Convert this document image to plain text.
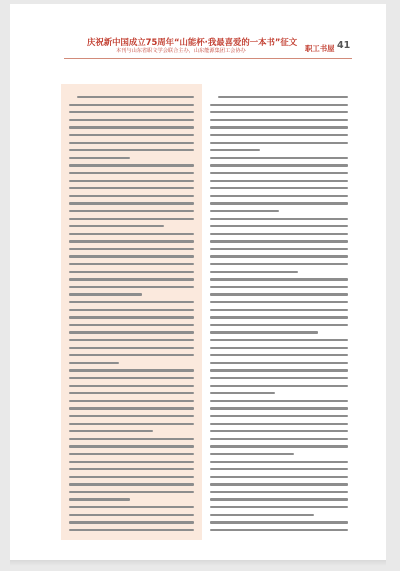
庆祝新中国成立75周年“山能杯·我最喜爱的一本书”征文
本刊与山东省职文学会联合主办，山东能源集团工会协办	职工书屋 41
